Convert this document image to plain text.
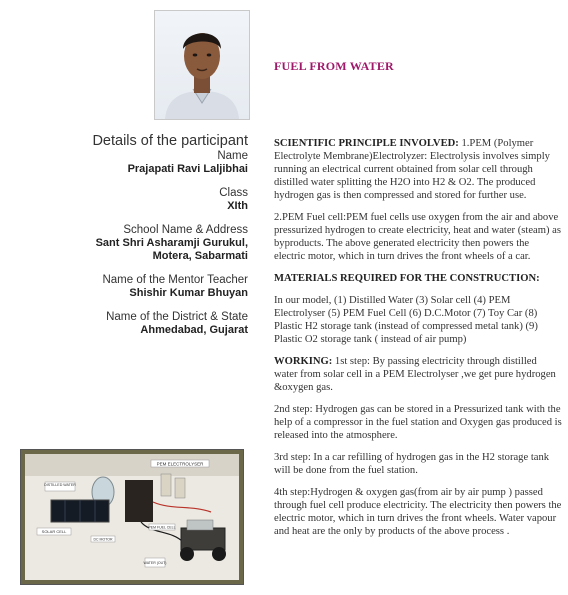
FUEL FROM WATER
Details of the participant
Name
Prajapati Ravi Laljibhai
Class
XIth
School Name & Address
Sant Shri Asharamji Gurukul,
Motera, Sabarmati
Name of the Mentor Teacher
Shishir Kumar Bhuyan
Name of the District & State
Ahmedabad, Gujarat

SCIENTIFIC PRINCIPLE INVOLVED: 1.PEM (Polymer Electrolyte Membrane)Electrolyzer: Electrolysis involves simply running an electrical current obtained from solar cell through distilled water splitting the H2O into H2 & O2. The produced hydrogen gas is then compressed and stored for further use.

2.PEM Fuel cell:PEM fuel cells use oxygen from the air and above pressurized hydrogen to create electricity, heat and water (steam) as byproducts. The above generated electricity then powers the electric motor, which in turn drives the front wheels of a car.

MATERIALS REQUIRED FOR THE CONSTRUCTION:

In our model, (1) Distilled Water (3) Solar cell (4) PEM Electrolyser (5) PEM Fuel Cell (6) D.C.Motor (7) Toy Car (8) Plastic H2 storage tank (instead of compressed metal tank) (9) Plastic O2 storage tank ( instead of air pump)

WORKING: 1st step: By passing electricity through distilled water from solar cell in a PEM Electrolyser ,we get pure hydrogen &oxygen gas.

2nd step: Hydrogen gas can be stored in a Pressurized tank with the help of a compressor in the fuel station and Oxygen gas produced is released into the atmosphere.

3rd step: In a car refilling of hydrogen gas in the H2 storage tank will be done from the fuel station.

4th step:Hydrogen & oxygen gas(from air by air pump ) passed through fuel cell produce electricity. The electricity then powers the electric motor, which in turn drives the front wheels. Water vapour and heat are the only by products of the above process .

PEM ELECTROLYSER
DISTILLED WATER
SOLAR CELL
PEM FUEL CELL
DC MOTOR
WATER (OUT)
